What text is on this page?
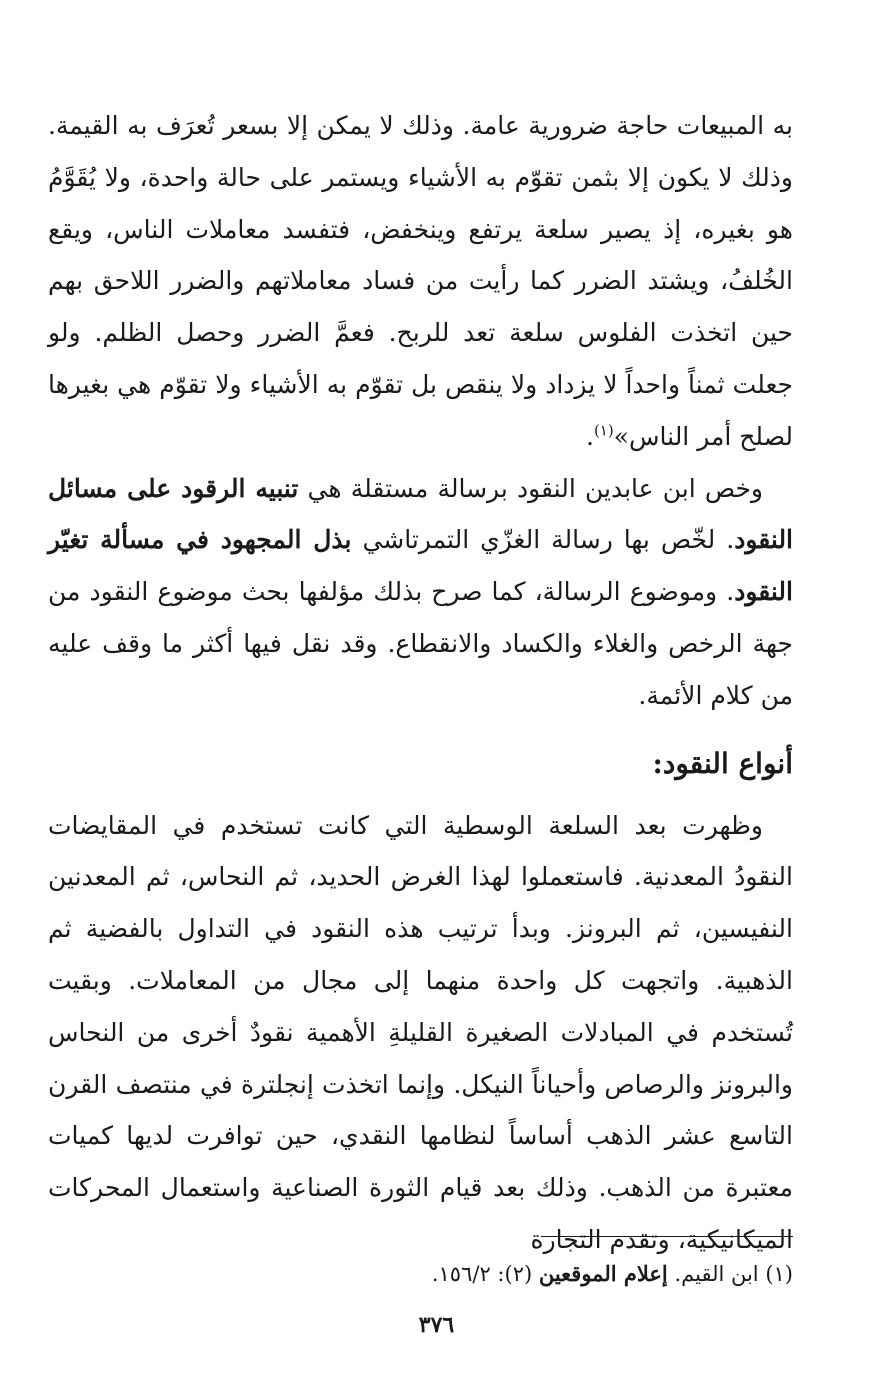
به المبيعات حاجة ضرورية عامة. وذلك لا يمكن إلا بسعر تُعرَف به القيمة. وذلك لا يكون إلا بثمن تقوّم به الأشياء ويستمر على حالة واحدة، ولا يُقَوَّمُ هو بغيره، إذ يصير سلعة يرتفع وينخفض، فتفسد معاملات الناس، ويقع الخُلفُ، ويشتد الضرر كما رأيت من فساد معاملاتهم والضرر اللاحق بهم حين اتخذت الفلوس سلعة تعد للربح. فعمَّ الضرر وحصل الظلم. ولو جعلت ثمناً واحداً لا يزداد ولا ينقص بل تقوّم به الأشياء ولا تقوّم هي بغيرها لصلح أمر الناس»$^{(١)}$.

وخص ابن عابدين النقود برسالة مستقلة هي تنبيه الرقود على مسائل النقود. لخّص بها رسالة الغزّي التمرتاشي بذل المجهود في مسألة تغيّر النقود. وموضوع الرسالة، كما صرح بذلك مؤلفها بحث موضوع النقود من جهة الرخص والغلاء والكساد والانقطاع. وقد نقل فيها أكثر ما وقف عليه من كلام الأئمة.

أنواع النقود:

وظهرت بعد السلعة الوسطية التي كانت تستخدم في المقايضات النقودُ المعدنية. فاستعملوا لهذا الغرض الحديد، ثم النحاس، ثم المعدنين النفيسين، ثم البرونز. وبدأ ترتيب هذه النقود في التداول بالفضية ثم الذهبية. واتجهت كل واحدة منهما إلى مجال من المعاملات. وبقيت تُستخدم في المبادلات الصغيرة القليلةِ الأهمية نقودٌ أخرى من النحاس والبرونز والرصاص وأحياناً النيكل. وإنما اتخذت إنجلترة في منتصف القرن التاسع عشر الذهب أساساً لنظامها النقدي، حين توافرت لديها كميات معتبرة من الذهب. وذلك بعد قيام الثورة الصناعية واستعمال المحركات الميكانيكية، وتقدم التجارة

(١) ابن القيم. إعلام الموقعين (٢): ١٥٦/٢.

٣٧٦
